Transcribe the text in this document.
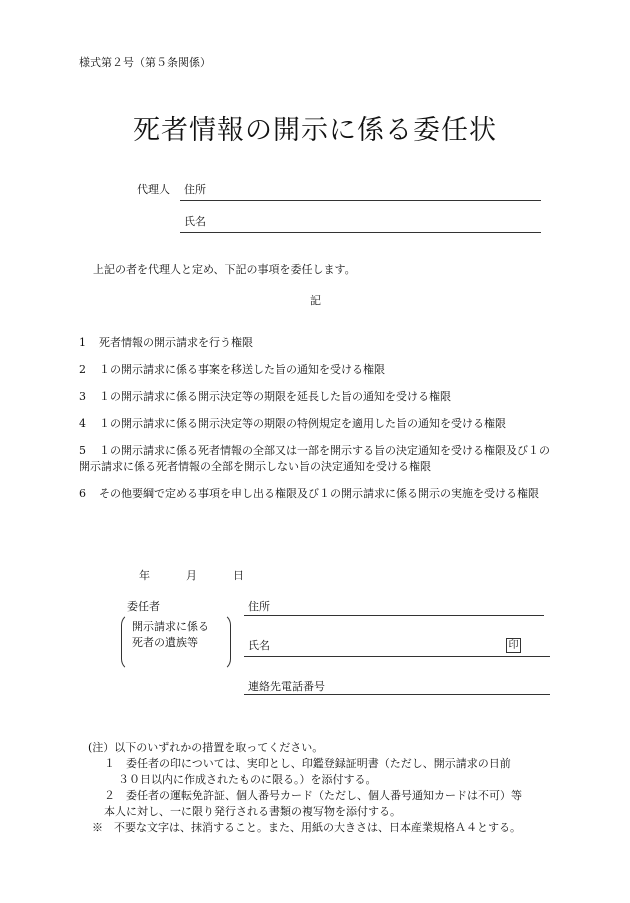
様式第２号（第５条関係）
死者情報の開示に係る委任状
代理人 住所
氏名
上記の者を代理人と定め、下記の事項を委任します。
記
1 死者情報の開示請求を行う権限
2 １の開示請求に係る事案を移送した旨の通知を受ける権限
3 １の開示請求に係る開示決定等の期限を延長した旨の通知を受ける権限
4 １の開示請求に係る開示決定等の期限の特例規定を適用した旨の通知を受ける権限
5 １の開示請求に係る死者情報の全部又は一部を開示する旨の決定通知を受ける権限及び１の開示請求に係る死者情報の全部を開示しない旨の決定通知を受ける権限
6 その他要綱で定める事項を申し出る権限及び１の開示請求に係る開示の実施を受ける権限
年	月	日
委任者
開示請求に係る
死者の遺族等
住所
氏名	印
連絡先電話番号
(注）以下のいずれかの措置を取ってください。
１　委任者の印については、実印とし、印鑑登録証明書（ただし、開示請求の日前
３０日以内に作成されたものに限る。）を添付する。
２　委任者の運転免許証、個人番号カード（ただし、個人番号通知カードは不可）等
本人に対し、一に限り発行される書類の複写物を添付する。
※　不要な文字は、抹消すること。また、用紙の大きさは、日本産業規格Ａ４とする。
